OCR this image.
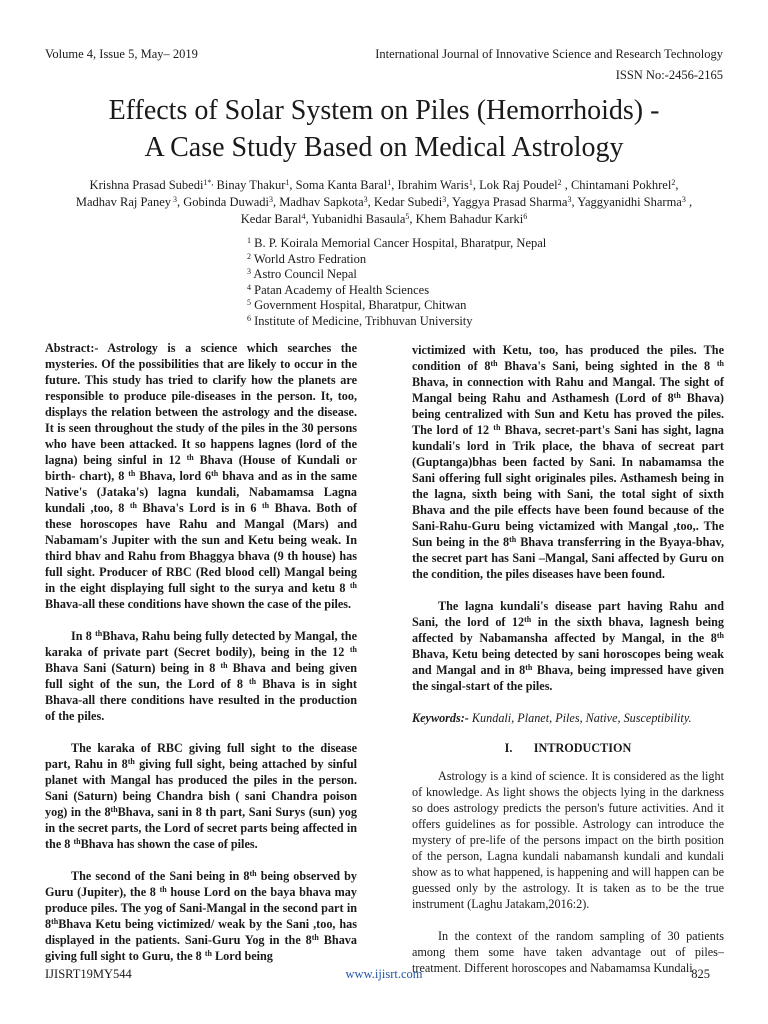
Volume 4, Issue 5, May– 2019	International Journal of Innovative Science and Research Technology
ISSN No:-2456-2165
Effects of Solar System on Piles (Hemorrhoids) -
A Case Study Based on Medical Astrology
Krishna Prasad Subedi$^{1*,}$ Binay Thakur$^1$, Soma Kanta Baral$^1$, Ibrahim Waris$^1$, Lok Raj Poudel$^2$ , Chintamani Pokhrel$^2$,
Madhav Raj Paney $^3$, Gobinda Duwadi$^3$, Madhav Sapkota$^3$, Kedar Subedi$^3$, Yaggya Prasad Sharma$^3$, Yaggyanidhi Sharma$^3$ ,
Kedar Baral$^4$, Yubanidhi Basaula$^5$, Khem Bahadur Karki$^6$
$^1$ B. P. Koirala Memorial Cancer Hospital, Bharatpur, Nepal
$^2$ World Astro Fedration
$^3$ Astro Council Nepal
$^4$ Patan Academy of Health Sciences
$^5$ Government Hospital, Bharatpur, Chitwan
$^6$ Institute of Medicine, Tribhuvan University

Abstract:- Astrology is a science which searches the mysteries. Of the possibilities that are likely to occur in the future. This study has tried to clarify how the planets are responsible to produce pile-diseases in the person. It, too, displays the relation between the astrology and the disease. It is seen throughout the study of the piles in the 30 persons who have been attacked. It so happens lagnes (lord of the lagna) being sinful in 12 $^{th}$ Bhava (House of Kundali or birth- chart), 8 $^{th}$ Bhava, lord 6th bhava and as in the same Native's (Jataka's) lagna kundali, Nabamamsa Lagna kundali ,too, 8 $^{th}$ Bhava's Lord is in 6 $^{th}$ Bhava. Both of these horoscopes have Rahu and Mangal (Mars) and Nabamam's Jupiter with the sun and Ketu being weak. In third bhav and Rahu from Bhaggya bhava (9 th house) has full sight. Producer of RBC (Red blood cell) Mangal being in the eight displaying full sight to the surya and ketu 8 $^{th}$ Bhava-all these conditions have shown the case of the piles.

In 8 $^{th}$Bhava, Rahu being fully detected by Mangal, the karaka of private part (Secret bodily), being in the 12 $^{th}$ Bhava Sani (Saturn) being in 8 $^{th}$ Bhava and being given full sight of the sun, the Lord of 8 $^{th}$ Bhava is in sight Bhava-all there conditions have resulted in the production of the piles.

The karaka of RBC giving full sight to the disease part, Rahu in 8th giving full sight, being attached by sinful planet with Mangal has produced the piles in the person. Sani (Saturn) being Chandra bish ( sani Chandra poison yog) in the 8thBhava, sani in 8 th part, Sani Surys (sun) yog in the secret parts, the Lord of secret parts being affected in the 8 $^{th}$Bhava has shown the case of piles.

The second of the Sani being in 8th being observed by Guru (Jupiter), the 8 $^{th}$ house Lord on the baya bhava may produce piles. The yog of Sani-Mangal in the second part in 8thBhava Ketu being victimized/ weak by the Sani ,too, has displayed in the patients. Sani-Guru Yog in the 8th Bhava giving full sight to Guru, the 8 $^{th}$ Lord being

victimized with Ketu, too, has produced the piles. The condition of 8th Bhava's Sani, being sighted in the 8 $^{th}$ Bhava, in connection with Rahu and Mangal. The sight of Mangal being Rahu and Asthamesh (Lord of 8th Bhava) being centralized with Sun and Ketu has proved the piles. The lord of 12 $^{th}$ Bhava, secret-part's Sani has sight, lagna kundali's lord in Trik place, the bhava of secreat part (Guptanga)bhas been facted by Sani. In nabamamsa the Sani offering full sight originales piles. Asthamesh being in the lagna, sixth being with Sani, the total sight of sixth Bhava and the pile effects have been found because of the Sani-Rahu-Guru being victamized with Mangal ,too,. The Sun being in the 8th Bhava transferring in the Byaya-bhav, the secret part has Sani –Mangal, Sani affected by Guru on the condition, the piles diseases have been found.

The lagna kundali's disease part having Rahu and Sani, the lord of 12th in the sixth bhava, lagnesh being affected by Nabamansha affected by Mangal, in the 8th Bhava, Ketu being detected by sani horoscopes being weak and Mangal and in 8th Bhava, being impressed have given the singal-start of the piles.

Keywords:- Kundali, Planet, Piles, Native, Susceptibility.

I.       INTRODUCTION

Astrology is a kind of science. It is considered as the light of knowledge. As light shows the objects lying in the darkness so does astrology predicts the person's future activities. And it offers guidelines as for possible. Astrology can introduce the mystery of pre-life of the persons impact on the birth position of the person, Lagna kundali nabamansh kundali and kundali show as to what happened, is happening and will happen can be guessed only by the astrology. It is taken as to be the true instrument (Laghu Jatakam,2016:2).

In the context of the random sampling of 30 patients among them some have taken advantage out of piles– treatment. Different horoscopes and Nabamamsa Kundali

IJISRT19MY544	www.ijisrt.com	825
